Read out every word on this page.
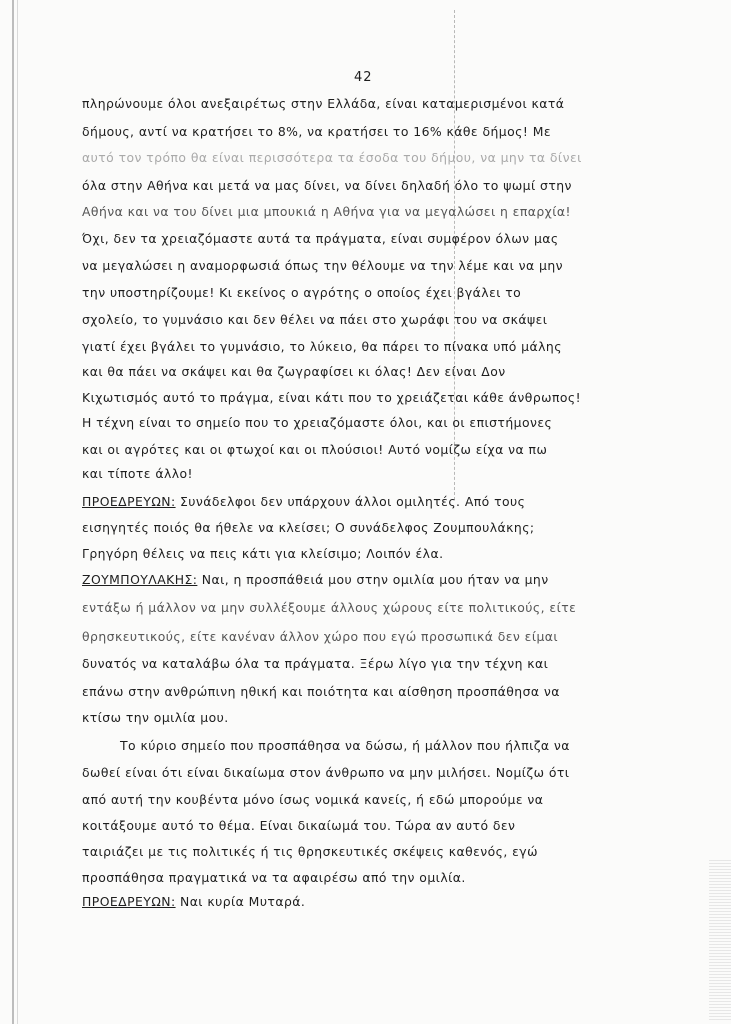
42
πληρώνουμε όλοι ανεξαιρέτως στην Ελλάδα, είναι καταμερισμένοι κατά
δήμους, αντί να κρατήσει το 8%, να κρατήσει το 16% κάθε δήμος! Με
αυτό τον τρόπο θα είναι περισσότερα τα έσοδα του δήμου, να μην τα δίνει
όλα στην Αθήνα και μετά να μας δίνει, να δίνει δηλαδή όλο το ψωμί στην
Αθήνα και να του δίνει μια μπουκιά η Αθήνα για να μεγαλώσει η επαρχία!
Όχι, δεν τα χρειαζόμαστε αυτά τα πράγματα, είναι συμφέρον όλων μας
να μεγαλώσει η αναμορφωσιά όπως την θέλουμε να την λέμε και να μην
την υποστηρίζουμε! Κι εκείνος ο αγρότης ο οποίος έχει βγάλει το
σχολείο, το γυμνάσιο και δεν θέλει να πάει στο χωράφι του να σκάψει
γιατί έχει βγάλει το γυμνάσιο, το λύκειο, θα πάρει το πίνακα υπό μάλης
και θα πάει να σκάψει και θα ζωγραφίσει κι όλας! Δεν είναι Δον
Κιχωτισμός αυτό το πράγμα, είναι κάτι που το χρειάζεται κάθε άνθρωπος!
Η τέχνη είναι το σημείο που το χρειαζόμαστε όλοι, και οι επιστήμονες
και οι αγρότες και οι φτωχοί και οι πλούσιοι! Αυτό νομίζω είχα να πω
και τίποτε άλλο!
ΠΡΟΕΔΡΕΥΩΝ: Συνάδελφοι δεν υπάρχουν άλλοι ομιλητές. Από τους
εισηγητές ποιός θα ήθελε να κλείσει; Ο συνάδελφος Ζουμπουλάκης;
Γρηγόρη θέλεις να πεις κάτι για κλείσιμο; Λοιπόν έλα.
ΖΟΥΜΠΟΥΛΑΚΗΣ: Ναι, η προσπάθειά μου στην ομιλία μου ήταν να μην
εντάξω ή μάλλον να μην συλλέξουμε άλλους χώρους είτε πολιτικούς, είτε
θρησκευτικούς, είτε κανέναν άλλον χώρο που εγώ προσωπικά δεν είμαι
δυνατός να καταλάβω όλα τα πράγματα. Ξέρω λίγο για την τέχνη και
επάνω στην ανθρώπινη ηθική και ποιότητα και αίσθηση προσπάθησα να
κτίσω την ομιλία μου.
Το κύριο σημείο που προσπάθησα να δώσω, ή μάλλον που ήλπιζα να
δωθεί είναι ότι είναι δικαίωμα στον άνθρωπο να μην μιλήσει. Νομίζω ότι
από αυτή την κουβέντα μόνο ίσως νομικά κανείς, ή εδώ μπορούμε να
κοιτάξουμε αυτό το θέμα. Είναι δικαίωμά του. Τώρα αν αυτό δεν
ταιριάζει με τις πολιτικές ή τις θρησκευτικές σκέψεις καθενός, εγώ
προσπάθησα πραγματικά να τα αφαιρέσω από την ομιλία.
ΠΡΟΕΔΡΕΥΩΝ: Ναι κυρία Μυταρά.
